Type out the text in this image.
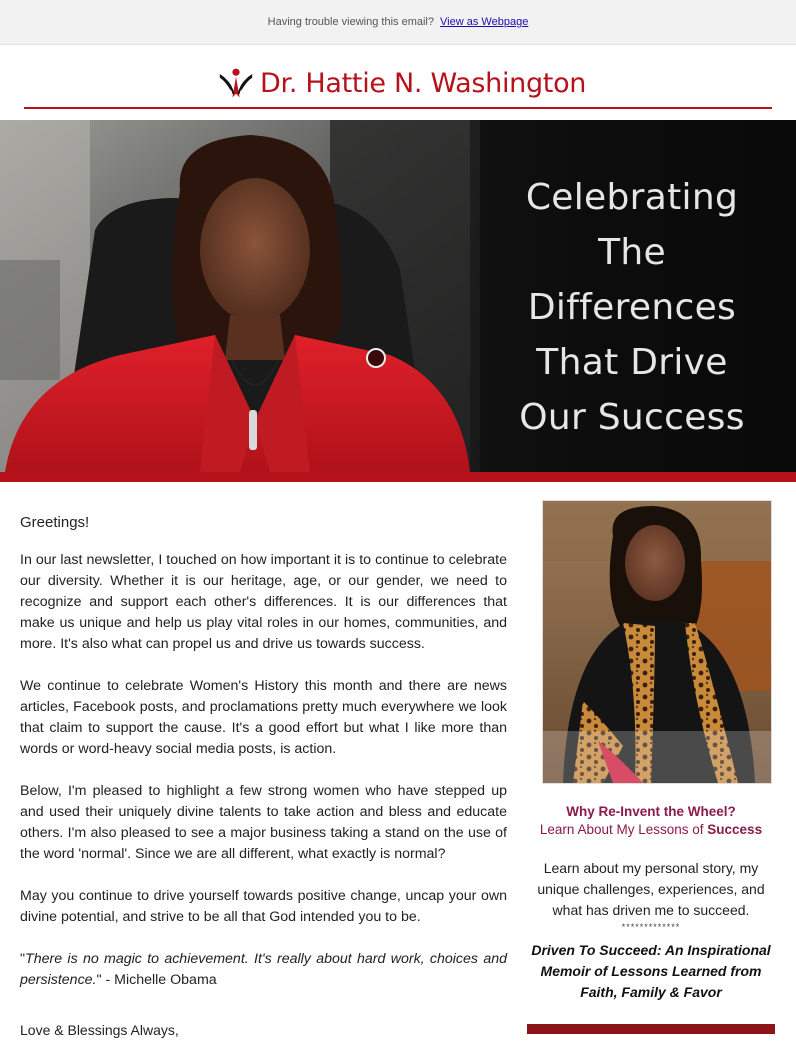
Having trouble viewing this email? View as Webpage
Dr. Hattie N. Washington
Celebrating
The
Differences
That Drive
Our Success

Greetings!

In our last newsletter, I touched on how important it is to continue to celebrate our diversity. Whether it is our heritage, age, or our gender, we need to recognize and support each other's differences. It is our differences that make us unique and help us play vital roles in our homes, communities, and more. It's also what can propel us and drive us towards success.

We continue to celebrate Women's History this month and there are news articles, Facebook posts, and proclamations pretty much everywhere we look that claim to support the cause. It's a good effort but what I like more than words or word-heavy social media posts, is action.

Below, I'm pleased to highlight a few strong women who have stepped up and used their uniquely divine talents to take action and bless and educate others. I'm also pleased to see a major business taking a stand on the use of the word 'normal'. Since we are all different, what exactly is normal?

May you continue to drive yourself towards positive change, uncap your own divine potential, and strive to be all that God intended you to be.

"There is no magic to achievement. It's really about hard work, choices and persistence." - Michelle Obama

Love & Blessings Always,
Why Re-Invent the Wheel?
Learn About My Lessons of Success
Learn about my personal story, my unique challenges, experiences, and what has driven me to succeed.
*************
Driven To Succeed: An Inspirational Memoir of Lessons Learned from Faith, Family & Favor
